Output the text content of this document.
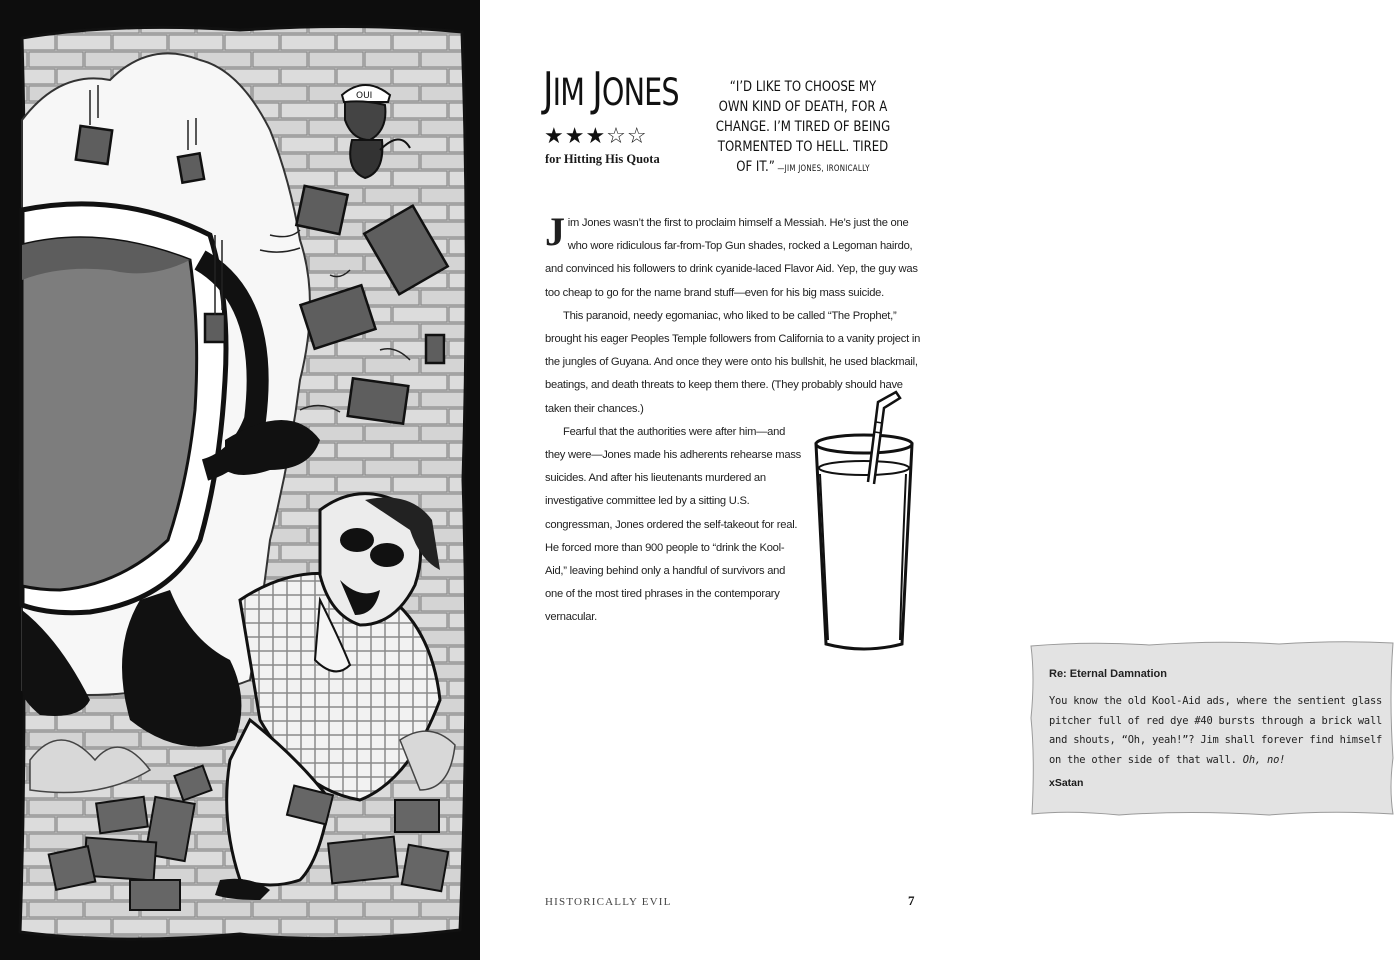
OUI	JIM JONES
★★★☆☆
for Hitting His Quota
“I’D LIKE TO CHOOSE MY OWN KIND OF DEATH, FOR A CHANGE. I’M TIRED OF BEING TORMENTED TO HELL. TIRED OF IT.” —JIM JONES, IRONICALLY

Jim Jones wasn’t the first to proclaim himself a Messiah. He’s just the one who wore ridiculous far-from-Top Gun shades, rocked a Legoman hairdo, and convinced his followers to drink cyanide-laced Flavor Aid. Yep, the guy was too cheap to go for the name brand stuff—even for his big mass suicide.

This paranoid, needy egomaniac, who liked to be called “The Prophet,” brought his eager Peoples Temple followers from California to a vanity project in the jungles of Guyana. And once they were onto his bullshit, he used blackmail, beatings, and death threats to keep them there. (They probably should have taken their chances.)

Fearful that the authorities were after him—and they were—Jones made his adherents rehearse mass suicides. And after his lieutenants murdered an investigative committee led by a sitting U.S. congressman, Jones ordered the self-takeout for real. He forced more than 900 people to “drink the Kool-Aid,” leaving behind only a handful of survivors and one of the most tired phrases in the contemporary vernacular.

Re: Eternal Damnation
You know the old Kool-Aid ads, where the sentient glass pitcher full of red dye #40 bursts through a brick wall and shouts, “Oh, yeah!”? Jim shall forever find himself on the other side of that wall. Oh, no!
xSatan
HISTORICALLY EVIL	7
